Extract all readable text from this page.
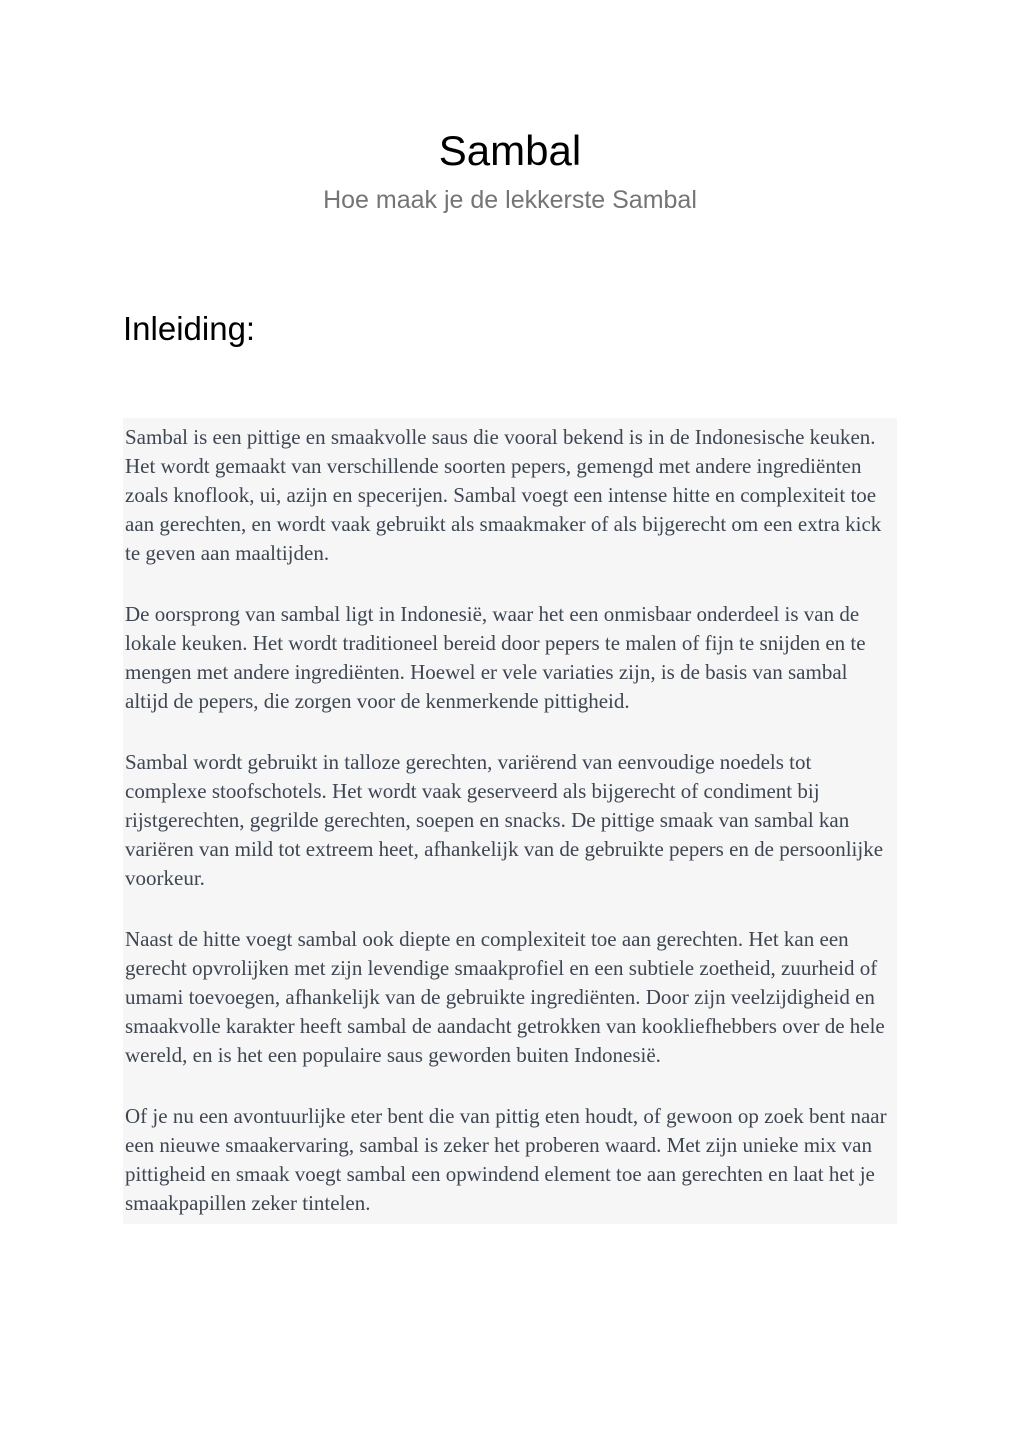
Sambal
Hoe maak je de lekkerste Sambal
Inleiding:

Sambal is een pittige en smaakvolle saus die vooral bekend is in de Indonesische keuken. Het wordt gemaakt van verschillende soorten pepers, gemengd met andere ingrediënten zoals knoflook, ui, azijn en specerijen. Sambal voegt een intense hitte en complexiteit toe aan gerechten, en wordt vaak gebruikt als smaakmaker of als bijgerecht om een extra kick te geven aan maaltijden.

De oorsprong van sambal ligt in Indonesië, waar het een onmisbaar onderdeel is van de lokale keuken. Het wordt traditioneel bereid door pepers te malen of fijn te snijden en te mengen met andere ingrediënten. Hoewel er vele variaties zijn, is de basis van sambal altijd de pepers, die zorgen voor de kenmerkende pittigheid.

Sambal wordt gebruikt in talloze gerechten, variërend van eenvoudige noedels tot complexe stoofschotels. Het wordt vaak geserveerd als bijgerecht of condiment bij rijstgerechten, gegrilde gerechten, soepen en snacks. De pittige smaak van sambal kan variëren van mild tot extreem heet, afhankelijk van de gebruikte pepers en de persoonlijke voorkeur.

Naast de hitte voegt sambal ook diepte en complexiteit toe aan gerechten. Het kan een gerecht opvrolijken met zijn levendige smaakprofiel en een subtiele zoetheid, zuurheid of umami toevoegen, afhankelijk van de gebruikte ingrediënten. Door zijn veelzijdigheid en smaakvolle karakter heeft sambal de aandacht getrokken van kookliefhebbers over de hele wereld, en is het een populaire saus geworden buiten Indonesië.

Of je nu een avontuurlijke eter bent die van pittig eten houdt, of gewoon op zoek bent naar een nieuwe smaakervaring, sambal is zeker het proberen waard. Met zijn unieke mix van pittigheid en smaak voegt sambal een opwindend element toe aan gerechten en laat het je smaakpapillen zeker tintelen.
